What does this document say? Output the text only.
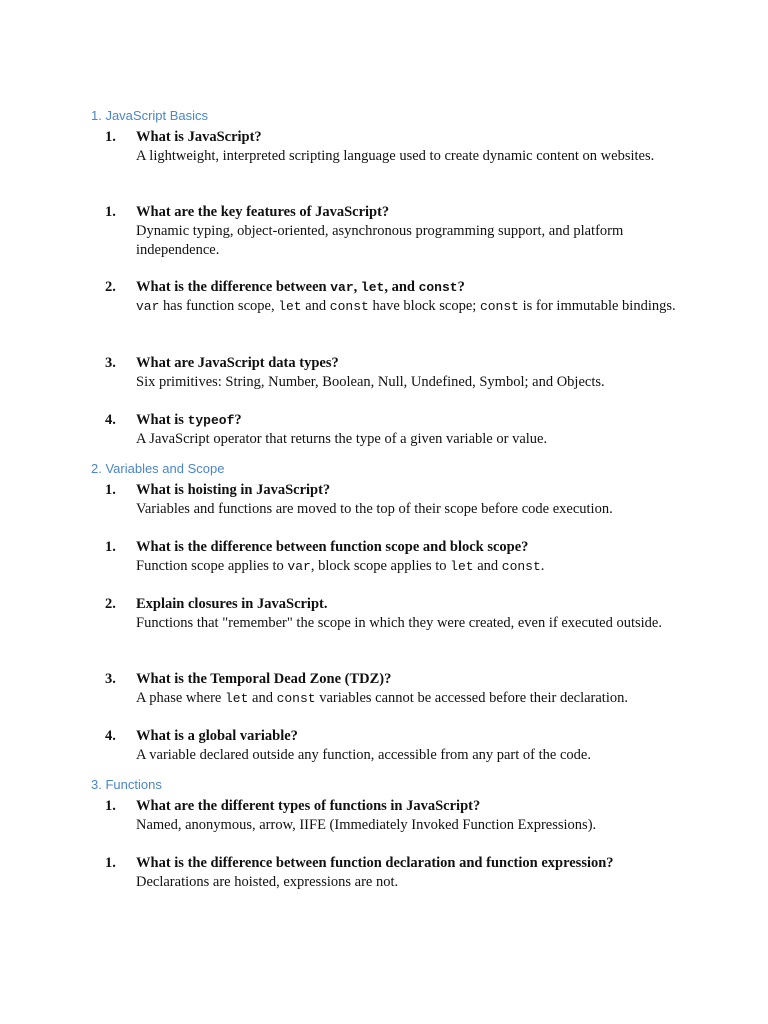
1. JavaScript Basics
1. What is JavaScript?
A lightweight, interpreted scripting language used to create dynamic content on websites.
1. What are the key features of JavaScript?
Dynamic typing, object-oriented, asynchronous programming support, and platform independence.
2. What is the difference between var, let, and const?
var has function scope, let and const have block scope; const is for immutable bindings.
3. What are JavaScript data types?
Six primitives: String, Number, Boolean, Null, Undefined, Symbol; and Objects.
4. What is typeof?
A JavaScript operator that returns the type of a given variable or value.
2. Variables and Scope
1. What is hoisting in JavaScript?
Variables and functions are moved to the top of their scope before code execution.
1. What is the difference between function scope and block scope?
Function scope applies to var, block scope applies to let and const.
2. Explain closures in JavaScript.
Functions that "remember" the scope in which they were created, even if executed outside.
3. What is the Temporal Dead Zone (TDZ)?
A phase where let and const variables cannot be accessed before their declaration.
4. What is a global variable?
A variable declared outside any function, accessible from any part of the code.
3. Functions
1. What are the different types of functions in JavaScript?
Named, anonymous, arrow, IIFE (Immediately Invoked Function Expressions).
1. What is the difference between function declaration and function expression?
Declarations are hoisted, expressions are not.
